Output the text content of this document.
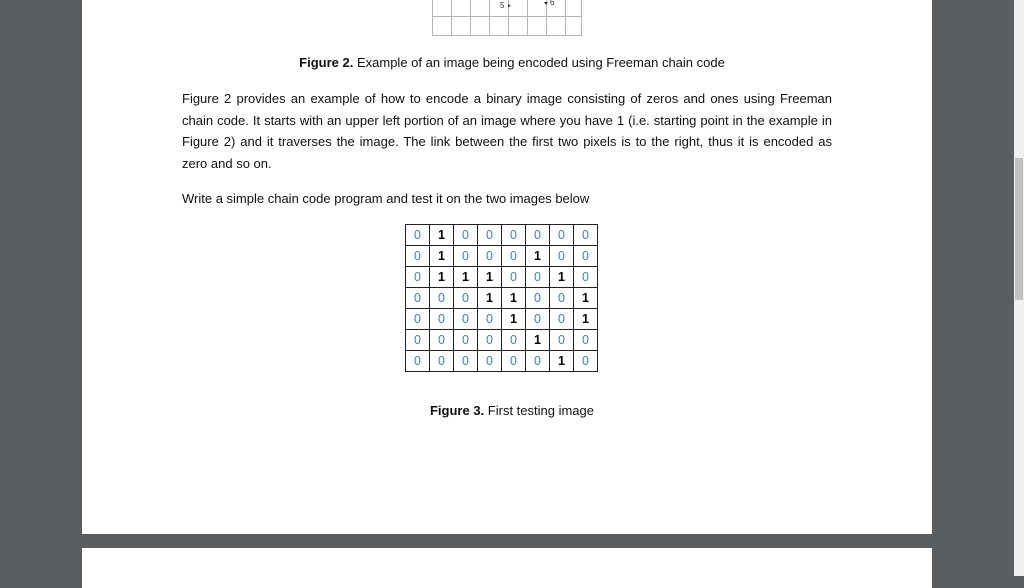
5	6
Figure 2. Example of an image being encoded using Freeman chain code
Figure 2 provides an example of how to encode a binary image consisting of zeros and ones using Freeman chain code. It starts with an upper left portion of an image where you have 1 (i.e. starting point in the example in Figure 2) and it traverses the image. The link between the first two pixels is to the right, thus it is encoded as zero and so on.
Write a simple chain code program and test it on the two images below
0	1	0	0	0	0	0	0
0	1	0	0	0	1	0	0
0	1	1	1	0	0	1	0
0	0	0	1	1	0	0	1
0	0	0	0	1	0	0	1
0	0	0	0	0	1	0	0
0	0	0	0	0	0	1	0
Figure 3. First testing image
